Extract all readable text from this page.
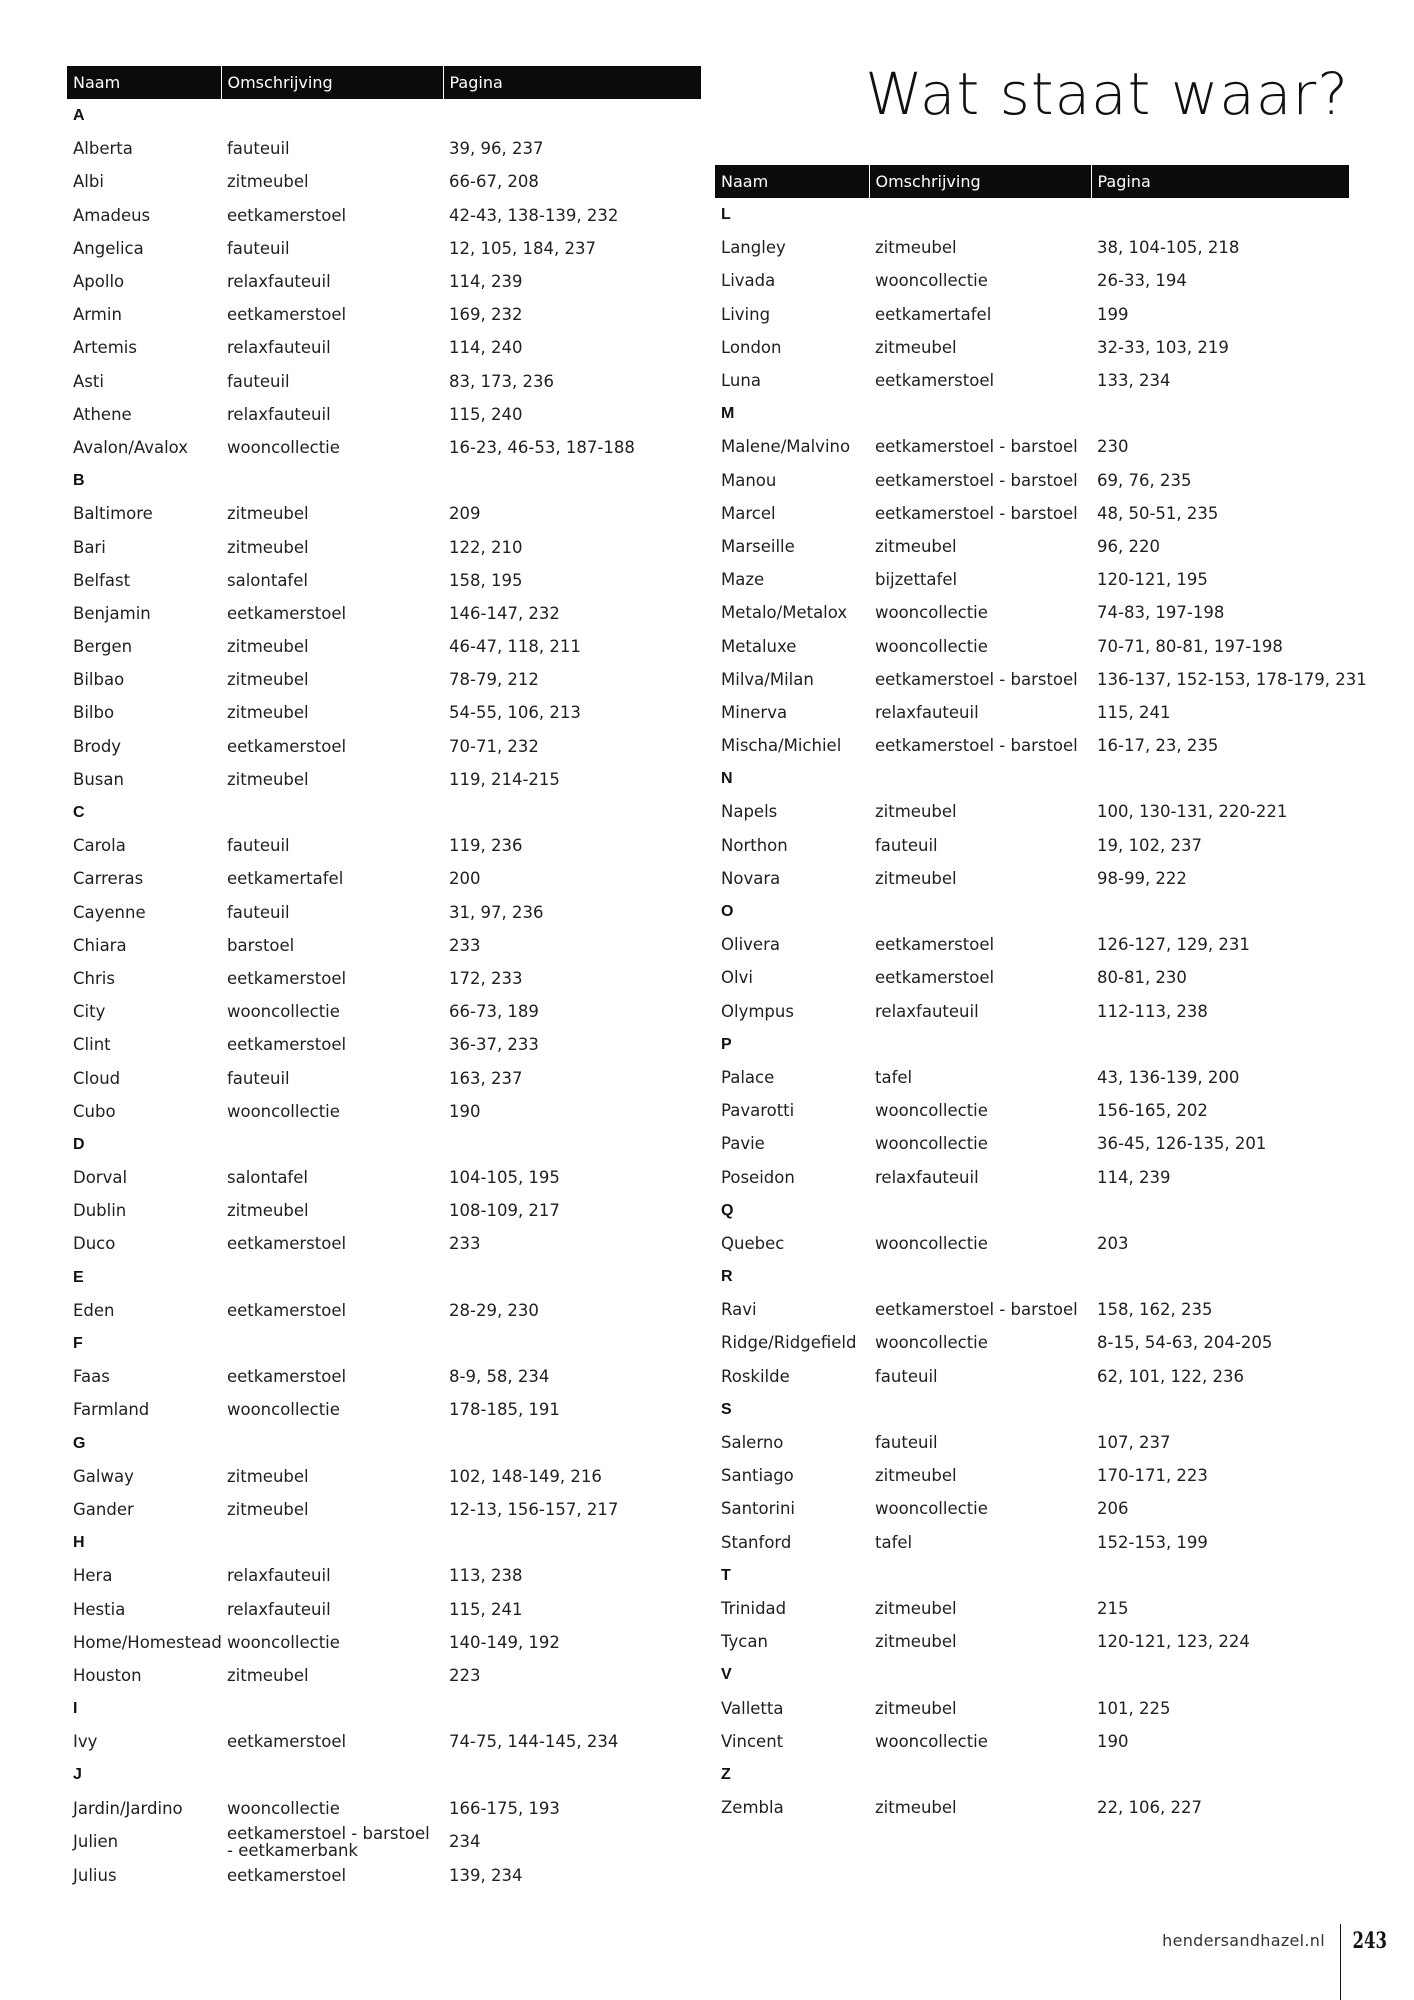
Wat staat waar?
Naam	Omschrijving	Pagina
A		
Alberta	fauteuil	39, 96, 237
Albi	zitmeubel	66-67, 208
Amadeus	eetkamerstoel	42-43, 138-139, 232
Angelica	fauteuil	12, 105, 184, 237
Apollo	relaxfauteuil	114, 239
Armin	eetkamerstoel	169, 232
Artemis	relaxfauteuil	114, 240
Asti	fauteuil	83, 173, 236
Athene	relaxfauteuil	115, 240
Avalon/Avalox	wooncollectie	16-23, 46-53, 187-188
B		
Baltimore	zitmeubel	209
Bari	zitmeubel	122, 210
Belfast	salontafel	158, 195
Benjamin	eetkamerstoel	146-147, 232
Bergen	zitmeubel	46-47, 118, 211
Bilbao	zitmeubel	78-79, 212
Bilbo	zitmeubel	54-55, 106, 213
Brody	eetkamerstoel	70-71, 232
Busan	zitmeubel	119, 214-215
C		
Carola	fauteuil	119, 236
Carreras	eetkamertafel	200
Cayenne	fauteuil	31, 97, 236
Chiara	barstoel	233
Chris	eetkamerstoel	172, 233
City	wooncollectie	66-73, 189
Clint	eetkamerstoel	36-37, 233
Cloud	fauteuil	163, 237
Cubo	wooncollectie	190
D		
Dorval	salontafel	104-105, 195
Dublin	zitmeubel	108-109, 217
Duco	eetkamerstoel	233
E		
Eden	eetkamerstoel	28-29, 230
F		
Faas	eetkamerstoel	8-9, 58, 234
Farmland	wooncollectie	178-185, 191
G		
Galway	zitmeubel	102, 148-149, 216
Gander	zitmeubel	12-13, 156-157, 217
H		
Hera	relaxfauteuil	113, 238
Hestia	relaxfauteuil	115, 241
Home/Homestead	wooncollectie	140-149, 192
Houston	zitmeubel	223
I		
Ivy	eetkamerstoel	74-75, 144-145, 234
J		
Jardin/Jardino	wooncollectie	166-175, 193
Julien	eetkamerstoel - barstoel - eetkamerbank	234
Julius	eetkamerstoel	139, 234
Naam	Omschrijving	Pagina
L		
Langley	zitmeubel	38, 104-105, 218
Livada	wooncollectie	26-33, 194
Living	eetkamertafel	199
London	zitmeubel	32-33, 103, 219
Luna	eetkamerstoel	133, 234
M		
Malene/Malvino	eetkamerstoel - barstoel	230
Manou	eetkamerstoel - barstoel	69, 76, 235
Marcel	eetkamerstoel - barstoel	48, 50-51, 235
Marseille	zitmeubel	96, 220
Maze	bijzettafel	120-121, 195
Metalo/Metalox	wooncollectie	74-83, 197-198
Metaluxe	wooncollectie	70-71, 80-81, 197-198
Milva/Milan	eetkamerstoel - barstoel	136-137, 152-153, 178-179, 231
Minerva	relaxfauteuil	115, 241
Mischa/Michiel	eetkamerstoel - barstoel	16-17, 23, 235
N		
Napels	zitmeubel	100, 130-131, 220-221
Northon	fauteuil	19, 102, 237
Novara	zitmeubel	98-99, 222
O		
Olivera	eetkamerstoel	126-127, 129, 231
Olvi	eetkamerstoel	80-81, 230
Olympus	relaxfauteuil	112-113, 238
P		
Palace	tafel	43, 136-139, 200
Pavarotti	wooncollectie	156-165, 202
Pavie	wooncollectie	36-45, 126-135, 201
Poseidon	relaxfauteuil	114, 239
Q		
Quebec	wooncollectie	203
R		
Ravi	eetkamerstoel - barstoel	158, 162, 235
Ridge/Ridgefield	wooncollectie	8-15, 54-63, 204-205
Roskilde	fauteuil	62, 101, 122, 236
S		
Salerno	fauteuil	107, 237
Santiago	zitmeubel	170-171, 223
Santorini	wooncollectie	206
Stanford	tafel	152-153, 199
T		
Trinidad	zitmeubel	215
Tycan	zitmeubel	120-121, 123, 224
V		
Valletta	zitmeubel	101, 225
Vincent	wooncollectie	190
Z		
Zembla	zitmeubel	22, 106, 227
hendersandhazel.nl 243
